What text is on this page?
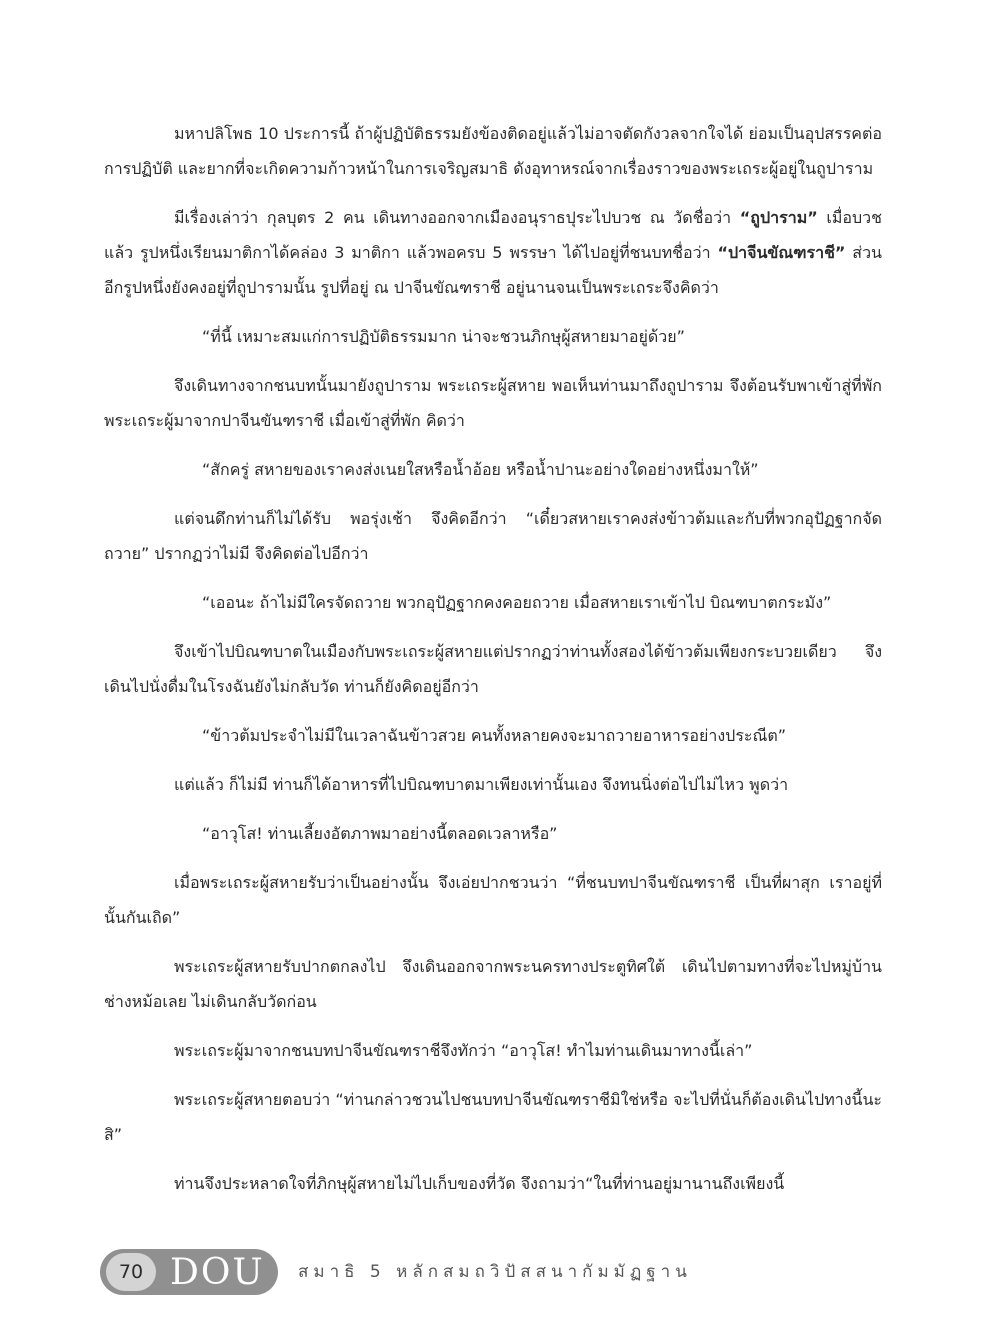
มหาปลิโพธ 10 ประการนี้ ถ้าผู้ปฏิบัติธรรมยังข้องติดอยู่แล้วไม่อาจตัดกังวลจากใจได้ ย่อมเป็นอุปสรรคต่อการปฏิบัติ และยากที่จะเกิดความก้าวหน้าในการเจริญสมาธิ ดังอุทาหรณ์จากเรื่องราวของพระเถระผู้อยู่ในถูปาราม

มีเรื่องเล่าว่า กุลบุตร 2 คน เดินทางออกจากเมืองอนุราธปุระไปบวช ณ วัดชื่อว่า “ถูปาราม” เมื่อบวชแล้ว รูปหนึ่งเรียนมาติกาได้คล่อง 3 มาติกา แล้วพอครบ 5 พรรษา ได้ไปอยู่ที่ชนบทชื่อว่า “ปาจีนขัณฑราชี” ส่วนอีกรูปหนึ่งยังคงอยู่ที่ถูปารามนั้น รูปที่อยู่ ณ ปาจีนขัณฑราชี อยู่นานจนเป็นพระเถระจึงคิดว่า

“ที่นี้ เหมาะสมแก่การปฏิบัติธรรมมาก น่าจะชวนภิกษุผู้สหายมาอยู่ด้วย”

จึงเดินทางจากชนบทนั้นมายังถูปาราม พระเถระผู้สหาย พอเห็นท่านมาถึงถูปาราม จึงต้อนรับพาเข้าสู่ที่พัก พระเถระผู้มาจากปาจีนขันฑราชี เมื่อเข้าสู่ที่พัก คิดว่า

“สักครู่ สหายของเราคงส่งเนยใสหรือน้ำอ้อย หรือน้ำปานะอย่างใดอย่างหนึ่งมาให้”

แต่จนดึกท่านก็ไม่ได้รับ พอรุ่งเช้า จึงคิดอีกว่า “เดี๋ยวสหายเราคงส่งข้าวต้มและกับที่พวกอุปัฏฐากจัดถวาย” ปรากฏว่าไม่มี จึงคิดต่อไปอีกว่า

“เออนะ ถ้าไม่มีใครจัดถวาย พวกอุปัฏฐากคงคอยถวาย เมื่อสหายเราเข้าไป บิณฑบาตกระมัง”

จึงเข้าไปบิณฑบาตในเมืองกับพระเถระผู้สหายแต่ปรากฏว่าท่านทั้งสองได้ข้าวต้มเพียงกระบวยเดียว จึงเดินไปนั่งดื่มในโรงฉันยังไม่กลับวัด ท่านก็ยังคิดอยู่อีกว่า

“ข้าวต้มประจำไม่มีในเวลาฉันข้าวสวย คนทั้งหลายคงจะมาถวายอาหารอย่างประณีต”

แต่แล้ว ก็ไม่มี ท่านก็ได้อาหารที่ไปบิณฑบาตมาเพียงเท่านั้นเอง จึงทนนิ่งต่อไปไม่ไหว พูดว่า

“อาวุโส! ท่านเลี้ยงอัตภาพมาอย่างนี้ตลอดเวลาหรือ”

เมื่อพระเถระผู้สหายรับว่าเป็นอย่างนั้น จึงเอ่ยปากชวนว่า “ที่ชนบทปาจีนขัณฑราชี เป็นที่ผาสุก เราอยู่ที่นั้นกันเถิด”

พระเถระผู้สหายรับปากตกลงไป จึงเดินออกจากพระนครทางประตูทิศใต้ เดินไปตามทางที่จะไปหมู่บ้านช่างหม้อเลย ไม่เดินกลับวัดก่อน

พระเถระผู้มาจากชนบทปาจีนขัณฑราชีจึงทักว่า “อาวุโส! ทำไมท่านเดินมาทางนี้เล่า”

พระเถระผู้สหายตอบว่า “ท่านกล่าวชวนไปชนบทปาจีนขัณฑราชีมิใช่หรือ จะไปที่นั่นก็ต้องเดินไปทางนี้นะสิ”

ท่านจึงประหลาดใจที่ภิกษุผู้สหายไม่ไปเก็บของที่วัด จึงถามว่า“ในที่ท่านอยู่มานานถึงเพียงนี้

70 DOU สมาธิ 5 หลักสมถวิปัสสนากัมมัฏฐาน
